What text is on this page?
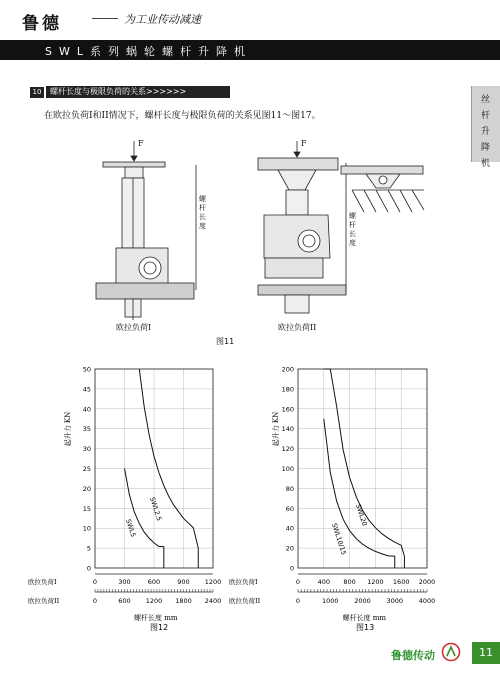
鲁德	为工业传动减速
SWL系列蜗轮螺杆升降机
丝杆升降机
10	螺杆长度与极限负荷的关系>>>>>>
在欧拉负荷I和II情况下，螺杆长度与极限负荷的关系见图11～图17。
F	F
螺杆长度
螺杆长度
欧拉负荷I	欧拉负荷II
图11
0
5
10
15
20
25
30
35
40
45
50
0	300	600	900 1200
欧拉负荷I
0	600 1200 1800 2400
欧拉负荷II
起升力 KN
螺杆长度 mm
SWL2.5
SWL5
图12
0
20
40
60
80
100
120
140
160
180
200
0	400 800 1200 1600 2000
欧拉负荷I
0	1000 2000 3000 4000
欧拉负荷II
起升力 KN
螺杆长度 mm
SWL10/15
SWL20
图13
鲁德传动	11
